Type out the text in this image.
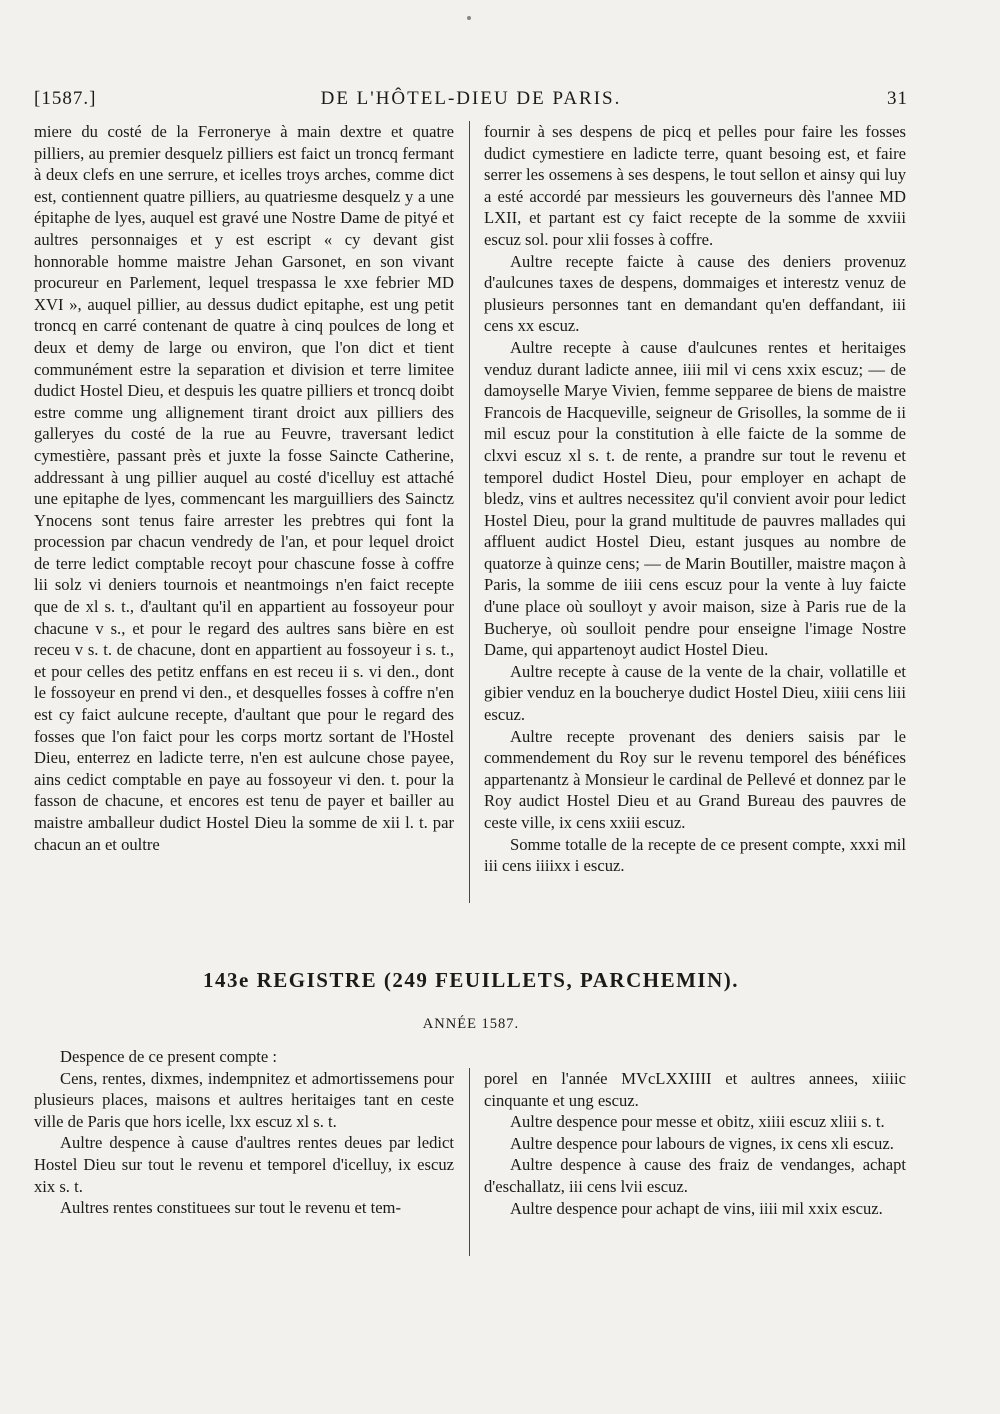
[1587.]	DE L'HÔTEL-DIEU DE PARIS.	31

miere du costé de la Ferronerye à main dextre et quatre pilliers, au premier desquelz pilliers est faict un troncq fermant à deux clefs en une serrure, et icelles troys arches, comme dict est, contiennent quatre pilliers, au quatriesme desquelz y a une épitaphe de lyes, auquel est gravé une Nostre Dame de pityé et aultres personnaiges et y est escript « cy devant gist honnorable homme maistre Jehan Garsonet, en son vivant procureur en Parlement, lequel trespassa le xxe febrier MD XVI », auquel pillier, au dessus dudict epitaphe, est ung petit troncq en carré contenant de quatre à cinq poulces de long et deux et demy de large ou environ, que l'on dict et tient communément estre la separation et division et terre limitee dudict Hostel Dieu, et despuis les quatre pilliers et troncq doibt estre comme ung allignement tirant droict aux pilliers des galleryes du costé de la rue au Feuvre, traversant ledict cymestière, passant près et juxte la fosse Saincte Catherine, addressant à ung pillier auquel au costé d'icelluy est attaché une epitaphe de lyes, commencant les marguilliers des Sainctz Ynocens sont tenus faire arrester les prebtres qui font la procession par chacun vendredy de l'an, et pour lequel droict de terre ledict comptable recoyt pour chascune fosse à coffre lii solz vi deniers tournois et neantmoings n'en faict recepte que de xl s. t., d'aultant qu'il en appartient au fossoyeur pour chacune v s., et pour le regard des aultres sans bière en est receu v s. t. de chacune, dont en appartient au fossoyeur i s. t., et pour celles des petitz enffans en est receu ii s. vi den., dont le fossoyeur en prend vi den., et desquelles fosses à coffre n'en est cy faict aulcune recepte, d'aultant que pour le regard des fosses que l'on faict pour les corps mortz sortant de l'Hostel Dieu, enterrez en ladicte terre, n'en est aulcune chose payee, ains cedict comptable en paye au fossoyeur vi den. t. pour la fasson de chacune, et encores est tenu de payer et bailler au maistre amballeur dudict Hostel Dieu la somme de xii l. t. par chacun an et oultre

fournir à ses despens de picq et pelles pour faire les fosses dudict cymestiere en ladicte terre, quant besoing est, et faire serrer les ossemens à ses despens, le tout sellon et ainsy qui luy a esté accordé par messieurs les gouverneurs dès l'annee MD LXII, et partant est cy faict recepte de la somme de xxviii escuz sol. pour xlii fosses à coffre.

Aultre recepte faicte à cause des deniers provenuz d'aulcunes taxes de despens, dommaiges et interestz venuz de plusieurs personnes tant en demandant qu'en deffandant, iii cens xx escuz.

Aultre recepte à cause d'aulcunes rentes et heritaiges venduz durant ladicte annee, iiii mil vi cens xxix escuz; — de damoyselle Marye Vivien, femme sepparee de biens de maistre Francois de Hacqueville, seigneur de Grisolles, la somme de ii mil escuz pour la constitution à elle faicte de la somme de clxvi escuz xl s. t. de rente, a prandre sur tout le revenu et temporel dudict Hostel Dieu, pour employer en achapt de bledz, vins et aultres necessitez qu'il convient avoir pour ledict Hostel Dieu, pour la grand multitude de pauvres mallades qui affluent audict Hostel Dieu, estant jusques au nombre de quatorze à quinze cens; — de Marin Boutiller, maistre maçon à Paris, la somme de iiii cens escuz pour la vente à luy faicte d'une place où soulloyt y avoir maison, size à Paris rue de la Bucherye, où soulloit pendre pour enseigne l'image Nostre Dame, qui appartenoyt audict Hostel Dieu.

Aultre recepte à cause de la vente de la chair, vollatille et gibier venduz en la boucherye dudict Hostel Dieu, xiiii cens liii escuz.

Aultre recepte provenant des deniers saisis par le commendement du Roy sur le revenu temporel des bénéfices appartenantz à Monsieur le cardinal de Pellevé et donnez par le Roy audict Hostel Dieu et au Grand Bureau des pauvres de ceste ville, ix cens xxiii escuz.

Somme totalle de la recepte de ce present compte, xxxi mil iii cens iiiixx i escuz.

143e REGISTRE (249 FEUILLETS, PARCHEMIN).
ANNÉE 1587.

Despence de ce present compte :

Cens, rentes, dixmes, indempnitez et admortissemens pour plusieurs places, maisons et aultres heritaiges tant en ceste ville de Paris que hors icelle, lxx escuz xl s. t.

Aultre despence à cause d'aultres rentes deues par ledict Hostel Dieu sur tout le revenu et temporel d'icelluy, ix escuz xix s. t.

Aultres rentes constituees sur tout le revenu et tem-

porel en l'année MVcLXXIIII et aultres annees, xiiiic cinquante et ung escuz.

Aultre despence pour messe et obitz, xiiii escuz xliii s. t.

Aultre despence pour labours de vignes, ix cens xli escuz.

Aultre despence à cause des fraiz de vendanges, achapt d'eschallatz, iii cens lvii escuz.

Aultre despence pour achapt de vins, iiii mil xxix escuz.
